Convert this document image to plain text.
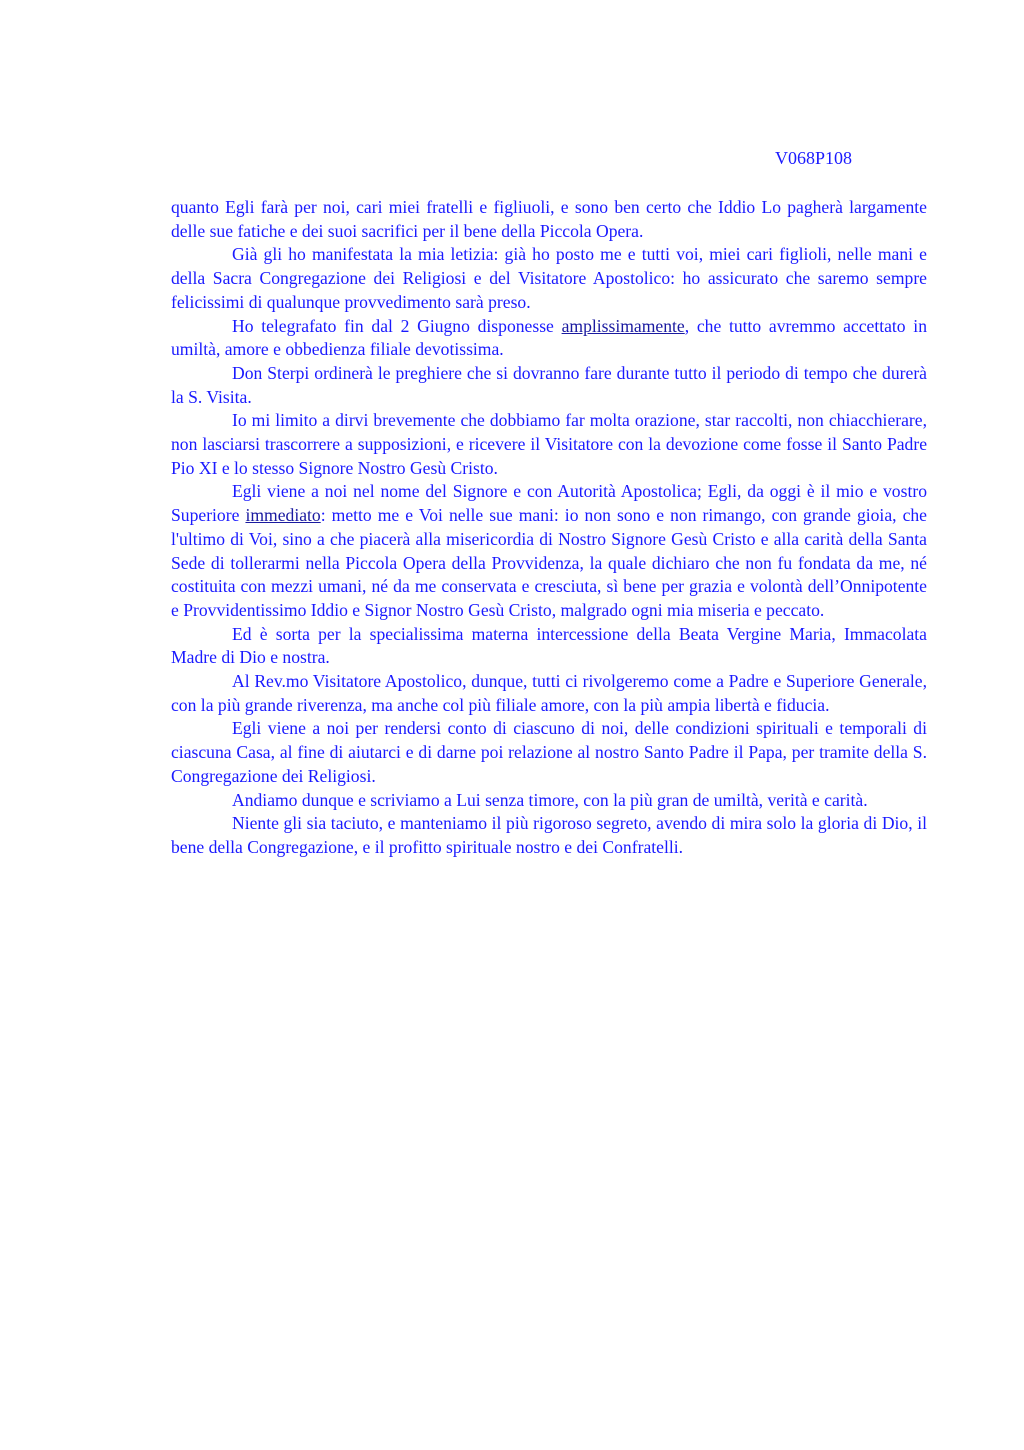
V068P108

quanto Egli farà per noi, cari miei fratelli e figliuoli, e sono ben certo che Iddio Lo pagherà largamente delle sue fatiche e dei suoi sacrifici per il bene della Piccola Opera.

Già gli ho manifestata la mia letizia: già ho posto me e tutti voi, miei cari figlioli, nelle mani e della Sacra Congregazione dei Religiosi e del Visitatore Apostolico: ho assicurato che saremo sempre felicissimi di qualunque provvedimento sarà preso.

Ho telegrafato fin dal 2 Giugno disponesse amplissimamente, che tutto avremmo accettato in umiltà, amore e obbedienza filiale devotissima.

Don Sterpi ordinerà le preghiere che si dovranno fare durante tutto il periodo di tempo che durerà la S. Visita.

Io mi limito a dirvi brevemente che dobbiamo far molta orazione, star raccolti, non chiacchierare, non lasciarsi trascorrere a supposizioni, e ricevere il Visitatore con la devozione come fosse il Santo Padre Pio XI e lo stesso Signore Nostro Gesù Cristo.

Egli viene a noi nel nome del Signore e con Autorità Apostolica; Egli, da oggi è il mio e vostro Superiore immediato: metto me e Voi nelle sue mani: io non sono e non rimango, con grande gioia, che l'ultimo di Voi, sino a che piacerà alla misericordia di Nostro Signore Gesù Cristo e alla carità della Santa Sede di tollerarmi nella Piccola Opera della Provvidenza, la quale dichiaro che non fu fondata da me, né costituita con mezzi umani, né da me conservata e cresciuta, sì bene per grazia e volontà dell’Onnipotente e Provvidentissimo Iddio e Signor Nostro Gesù Cristo, malgrado ogni mia miseria e peccato.

Ed è sorta per la specialissima materna intercessione della Beata Vergine Maria, Immacolata Madre di Dio e nostra.

Al Rev.mo Visitatore Apostolico, dunque, tutti ci rivolgeremo come a Padre e Superiore Generale, con la più grande riverenza, ma anche col più filiale amore, con la più ampia libertà e fiducia.

Egli viene a noi per rendersi conto di ciascuno di noi, delle condizioni spirituali e temporali di ciascuna Casa, al fine di aiutarci e di darne poi relazione al nostro Santo Padre il Papa, per tramite della S. Congregazione dei Religiosi.

Andiamo dunque e scriviamo a Lui senza timore, con la più gran de umiltà, verità e carità.

Niente gli sia taciuto, e manteniamo il più rigoroso segreto, avendo di mira solo la gloria di Dio, il bene della Congregazione, e il profitto spirituale nostro e dei Confratelli.
